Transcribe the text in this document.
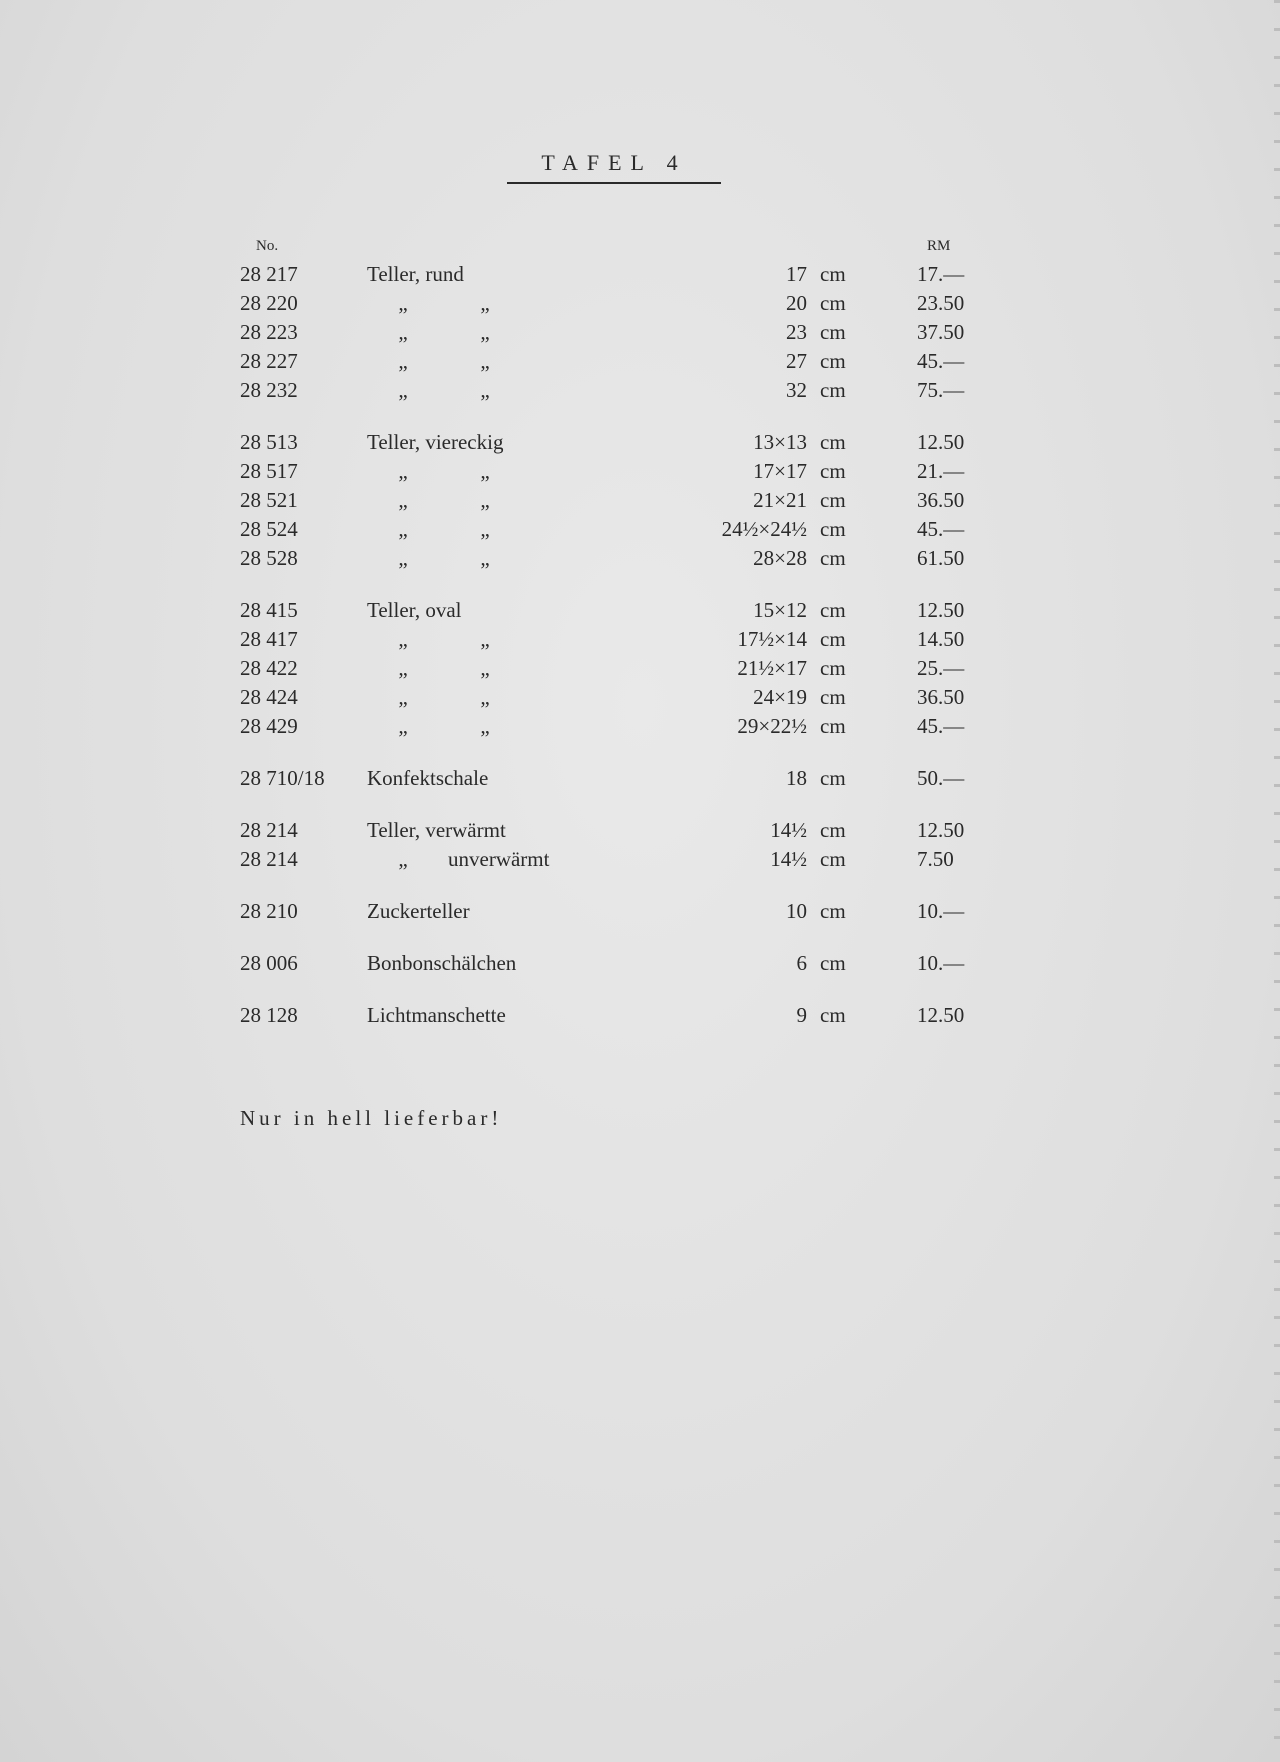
TAFEL 4
No.	RM
28 217	Teller, rund	17 cm	17.—
28 220	„	„	20 cm	23.50
28 223	„	„	23 cm	37.50
28 227	„	„	27 cm	45.—
28 232	„	„	32 cm	75.—
28 513	Teller, viereckig	13×13 cm	12.50
28 517	„	„	17×17 cm	21.—
28 521	„	„	21×21 cm	36.50
28 524	„	„	24½×24½ cm	45.—
28 528	„	„	28×28 cm	61.50
28 415	Teller, oval	15×12 cm	12.50
28 417	„	„	17½×14 cm	14.50
28 422	„	„	21½×17 cm	25.—
28 424	„	„	24×19 cm	36.50
28 429	„	„	29×22½ cm	45.—
28 710/18 Konfektschale	18 cm	50.—
28 214	Teller, verwärmt	14½ cm	12.50
28 214	„	unverwärmt	14½ cm	7.50
28 210	Zuckerteller	10 cm	10.—
28 006	Bonbonschälchen	6 cm	10.—
28 128	Lichtmanschette	9 cm	12.50
Nur in hell lieferbar!
